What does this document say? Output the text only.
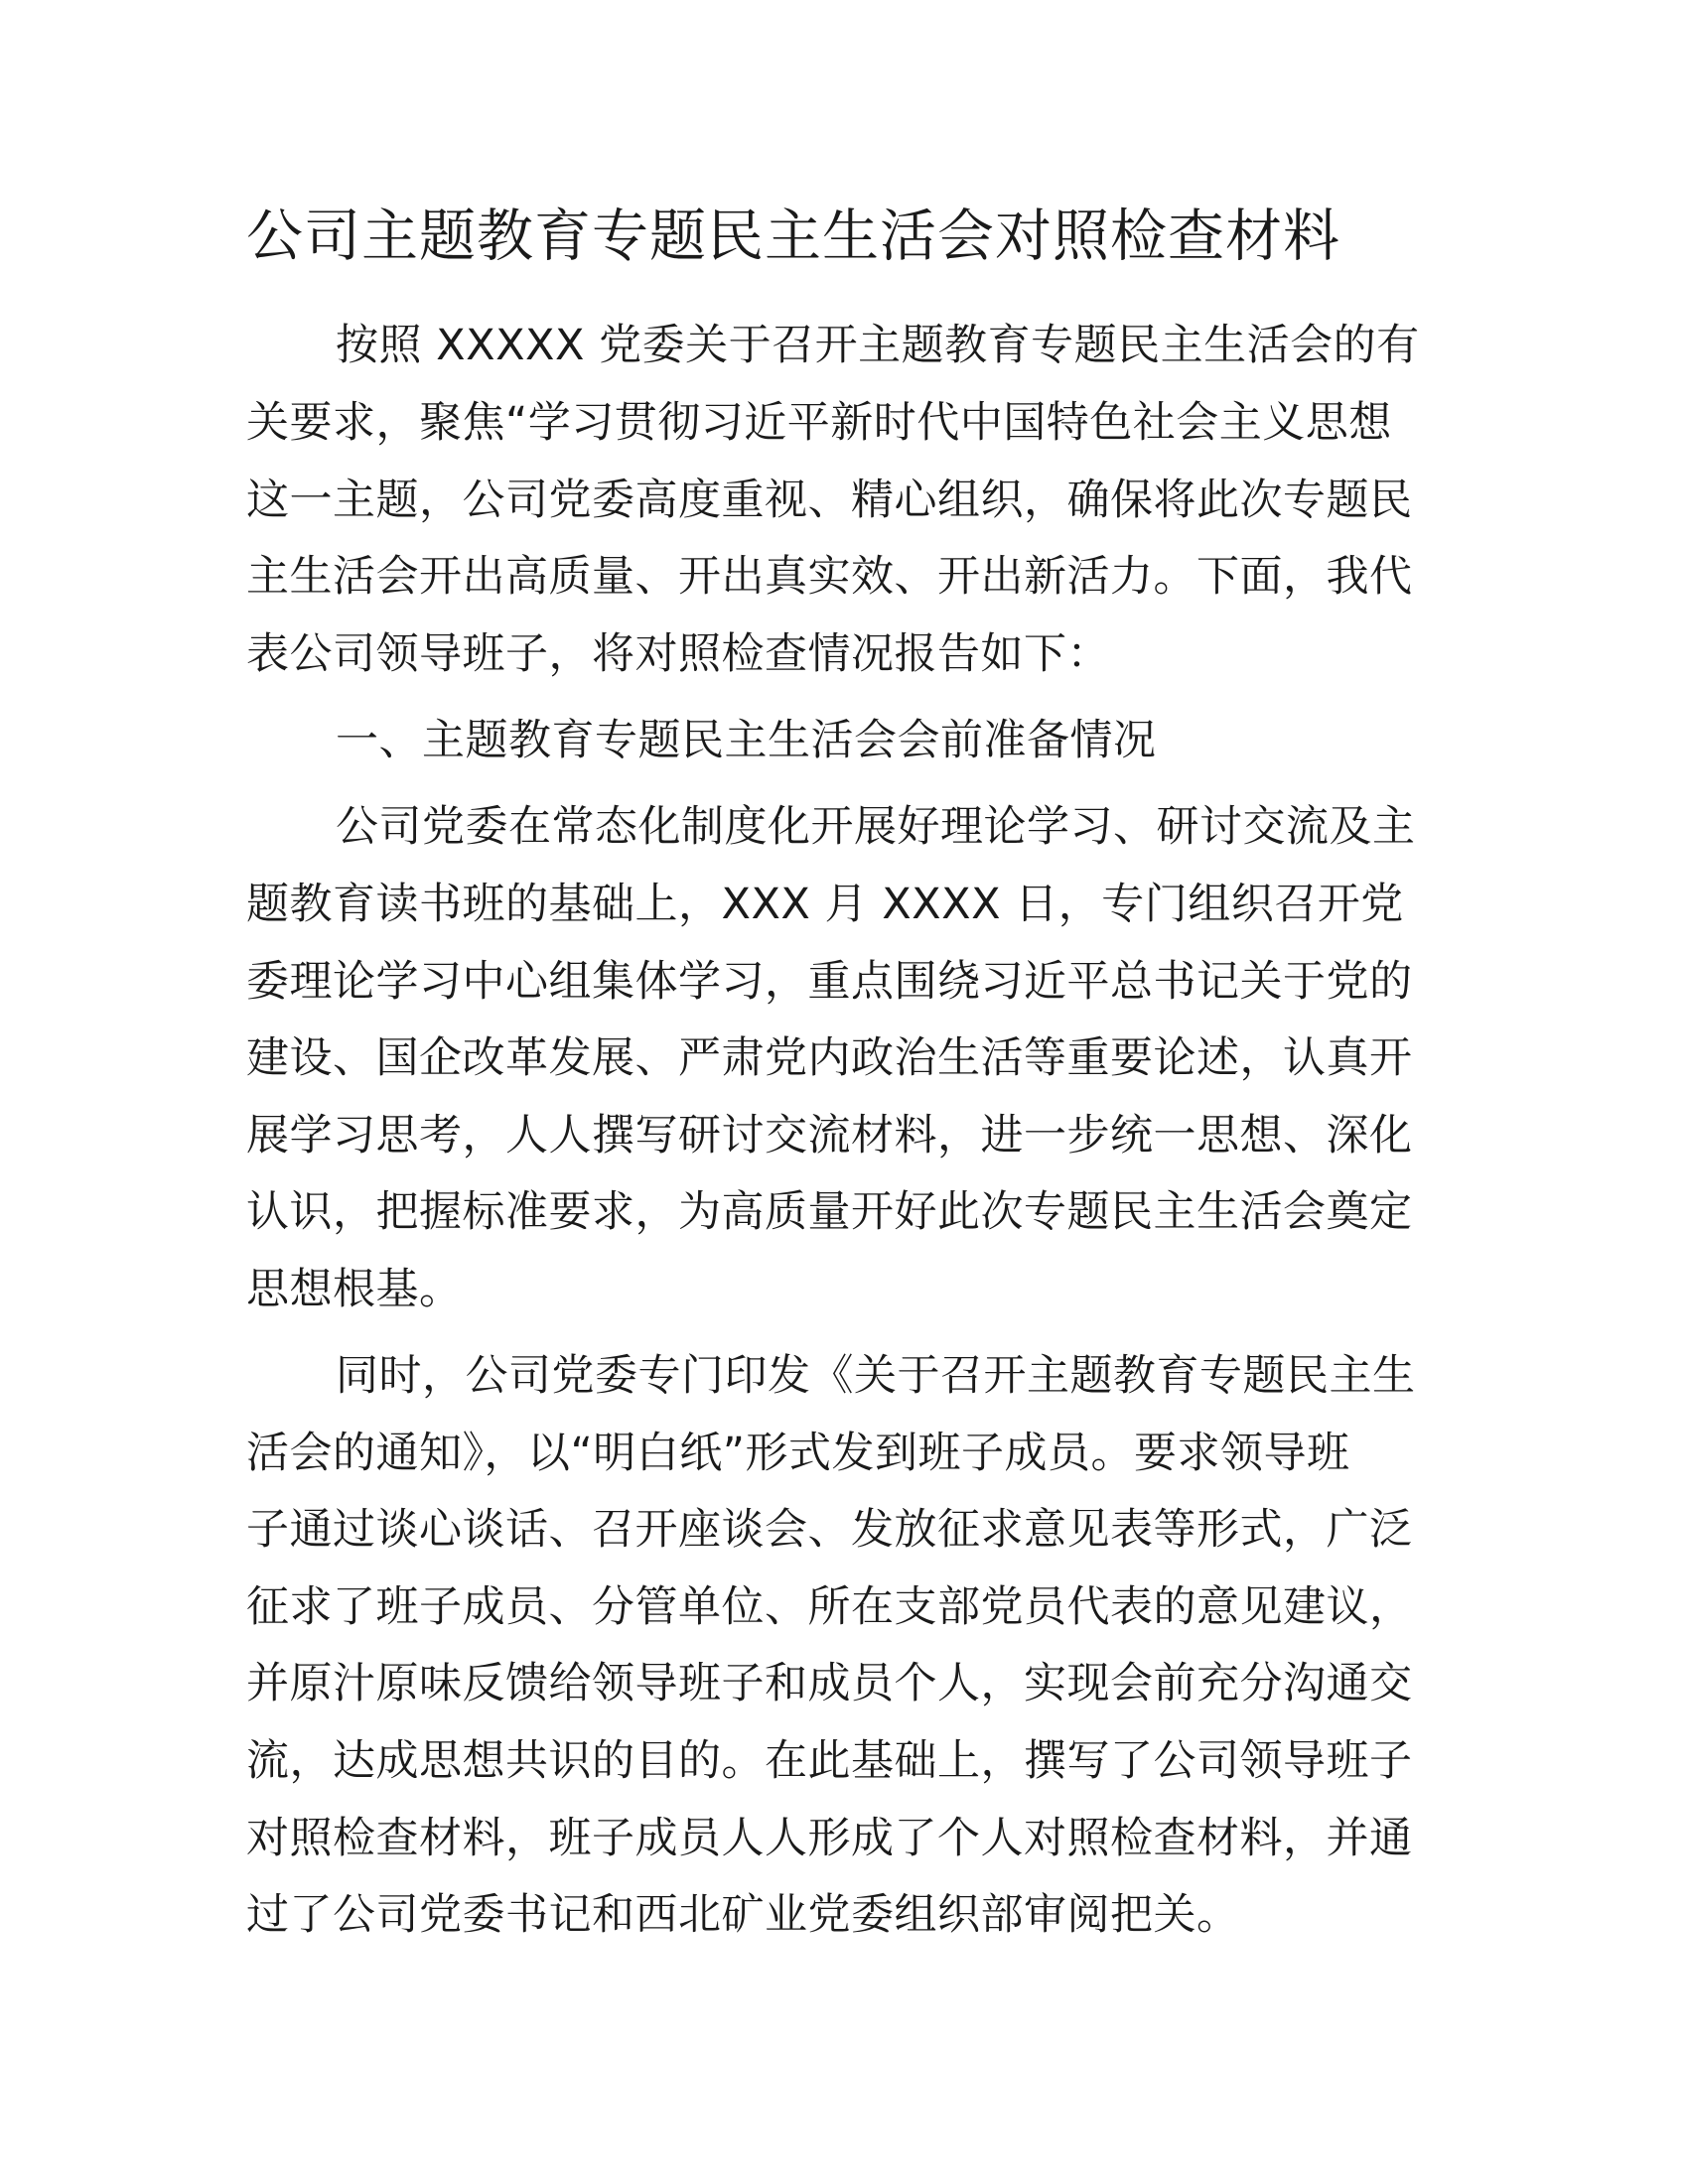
公司主题教育专题民主生活会对照检查材料
按照 XXXXX 党委关于召开主题教育专题民主生活会的有
关要求，聚焦“学习贯彻习近平新时代中国特色社会主义思想
这一主题，公司党委高度重视、精心组织，确保将此次专题民
主生活会开出高质量、开出真实效、开出新活力。下面，我代
表公司领导班子，将对照检查情况报告如下：
一、主题教育专题民主生活会会前准备情况
公司党委在常态化制度化开展好理论学习、研讨交流及主
题教育读书班的基础上，XXX 月 XXXX 日，专门组织召开党
委理论学习中心组集体学习，重点围绕习近平总书记关于党的
建设、国企改革发展、严肃党内政治生活等重要论述，认真开
展学习思考，人人撰写研讨交流材料，进一步统一思想、深化
认识，把握标准要求，为高质量开好此次专题民主生活会奠定
思想根基。
同时，公司党委专门印发《关于召开主题教育专题民主生
活会的通知》，以“明白纸”形式发到班子成员。要求领导班
子通过谈心谈话、召开座谈会、发放征求意见表等形式，广泛
征求了班子成员、分管单位、所在支部党员代表的意见建议，
并原汁原味反馈给领导班子和成员个人，实现会前充分沟通交
流，达成思想共识的目的。在此基础上，撰写了公司领导班子
对照检查材料，班子成员人人形成了个人对照检查材料，并通
过了公司党委书记和西北矿业党委组织部审阅把关。
